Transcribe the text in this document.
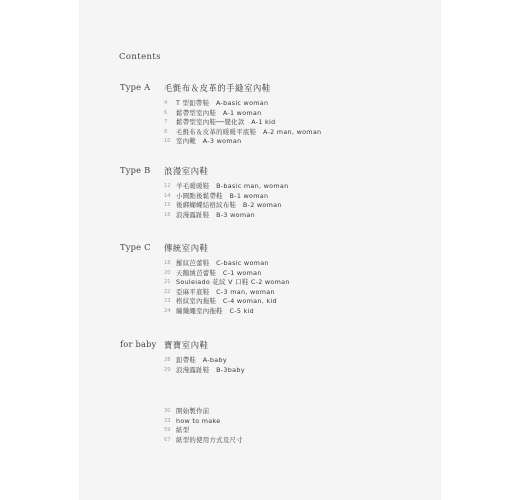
Contents
Type A 毛氈布＆皮革的手縫室內鞋
4 T 型釦帶鞋　A-basic woman
6 鬆帶型室內鞋　A-1 woman
7 鬆帶型室內鞋──變化款　A-1 kid
8 毛氈布＆皮革的暖暖平底鞋　A-2 man, woman
10 室內靴　A-3 woman
Type B 浪漫室內鞋
12 羊毛暖暖鞋　B-basic man, woman
14 小圓點後鬆帶鞋　B-1 woman
15 後綁蝴蝶結格紋布鞋　B-2 woman
16 浪漫露趾鞋　B-3 woman
Type C 傳統室內鞋
18 羅紋芭蕾鞋　C-basic woman
20 天鵝絨芭蕾鞋　C-1 woman
21 Souleiado 花紋 V 口鞋 C-2 woman
22 亞麻平底鞋　C-3 man, woman
23 格紋室內拖鞋　C-4 woman, kid
24 編織繩室內拖鞋　C-5 kid
for baby 寶寶室內鞋
28 釦帶鞋　A-baby
29 浪漫露趾鞋　B-3baby
30 開始製作前
33 how to make
59 紙型
67 紙型的使用方式及尺寸
